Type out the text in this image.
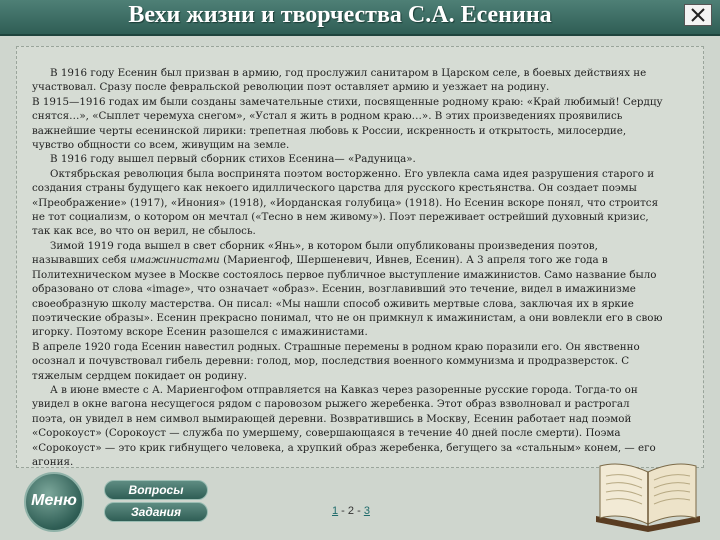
Вехи жизни и творчества С.А. Есенина

В 1916 году Есенин был призван в армию, год прослужил санитаром в Царском селе, в боевых действиях не участвовал. Сразу после февральской революции поэт оставляет армию и уезжает на родину.

В 1915—1916 годах им были созданы замечательные стихи, посвященные родному краю: «Край любимый! Сердцу снятся…», «Сыплет черемуха снегом», «Устал я жить в родном краю…». В этих произведениях проявились важнейшие черты есенинской лирики: трепетная любовь к России, искренность и открытость, милосердие, чувство общности со всем, живущим на земле.

В 1916 году вышел первый сборник стихов Есенина— «Радуница».

Октябрьская революция была воспринята поэтом восторженно. Его увлекла сама идея разрушения старого и создания страны будущего как некоего идиллического царства для русского крестьянства. Он создает поэмы «Преображение» (1917), «Инония» (1918), «Иорданская голубица» (1918). Но Есенин вскоре понял, что строится не тот социализм, о котором он мечтал («Тесно в нем живому»). Поэт переживает острейший духовный кризис, так как все, во что он верил, не сбылось.

Зимой 1919 года вышел в свет сборник «Янь», в котором были опубликованы произведения поэтов, называвших себя имажинистами (Мариенгоф, Шершеневич, Ивнев, Есенин). А 3 апреля того же года в Политехническом музее в Москве состоялось первое публичное выступление имажинистов. Само название было образовано от слова «image», что означает «образ». Есенин, возглавивший это течение, видел в имажинизме своеобразную школу мастерства. Он писал: «Мы нашли способ оживить мертвые слова, заключая их в яркие поэтические образы». Есенин прекрасно понимал, что не он примкнул к имажинистам, а они вовлекли его в свою игорку. Поэтому вскоре Есенин разошелся с имажинистами.

В апреле 1920 года Есенин навестил родных. Страшные перемены в родном краю поразили его. Он явственно осознал и почувствовал гибель деревни: голод, мор, последствия военного коммунизма и продразверсток. С тяжелым сердцем покидает он родину.

А в июне вместе с А. Мариенгофом отправляется на Кавказ через разоренные русские города. Тогда-то он увидел в окне вагона несущегося рядом с паровозом рыжего жеребенка. Этот образ взволновал и растрогал поэта, он увидел в нем символ вымирающей деревни. Возвратившись в Москву, Есенин работает над поэмой «Сорокоуст» (Сорокоуст — служба по умершему, совершающаяся в течение 40 дней после смерти). Поэма «Сорокоуст» — это крик гибнущего человека, а хрупкий образ жеребенка, бегущего за «стальным» конем, — его агония.

Меню
Вопросы
Задания	1 - 2 - 3
